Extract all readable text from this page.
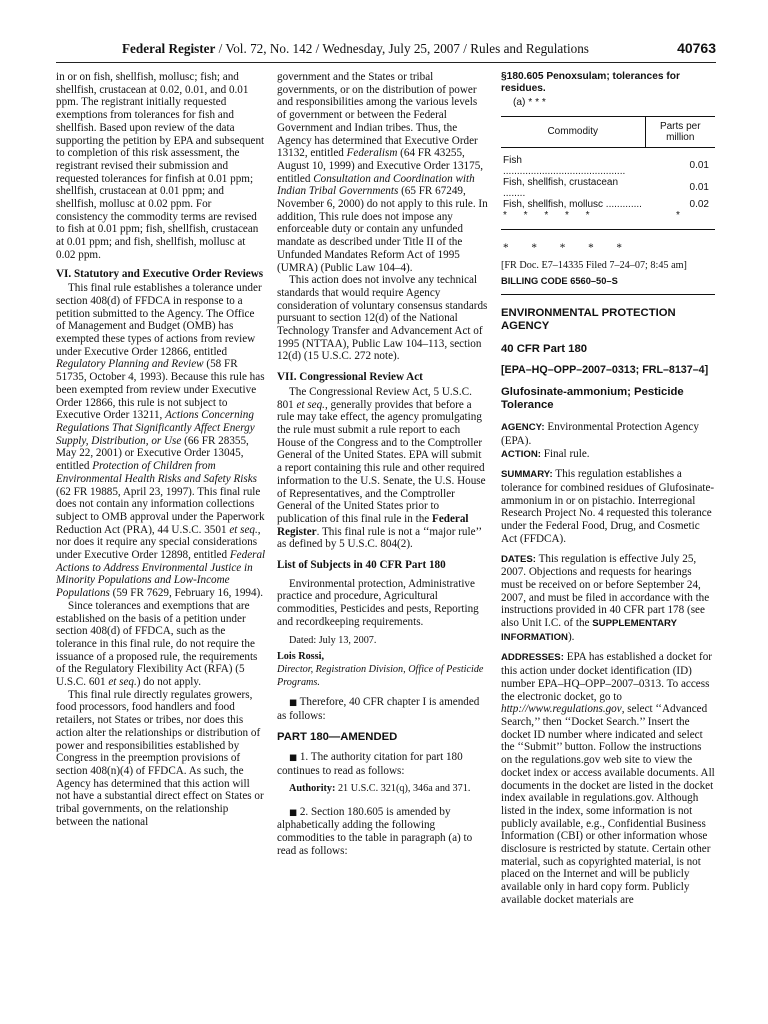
Federal Register / Vol. 72, No. 142 / Wednesday, July 25, 2007 / Rules and Regulations	40763

in or on fish, shellfish, mollusc; fish; and shellfish, crustacean at 0.02, 0.01, and 0.01 ppm. The registrant initially requested exemptions from tolerances for fish and shellfish. Based upon review of the data supporting the petition by EPA and subsequent to completion of this risk assessment, the registrant revised their submission and requested tolerances for finfish at 0.01 ppm; shellfish, crustacean at 0.01 ppm; and shellfish, mollusc at 0.02 ppm. For consistency the commodity terms are revised to fish at 0.01 ppm; fish, shellfish, crustacean at 0.01 ppm; and fish, shellfish, mollusc at 0.02 ppm.

VI. Statutory and Executive Order Reviews

This final rule establishes a tolerance under section 408(d) of FFDCA in response to a petition submitted to the Agency. The Office of Management and Budget (OMB) has exempted these types of actions from review under Executive Order 12866, entitled Regulatory Planning and Review (58 FR 51735, October 4, 1993). Because this rule has been exempted from review under Executive Order 12866, this rule is not subject to Executive Order 13211, Actions Concerning Regulations That Significantly Affect Energy Supply, Distribution, or Use (66 FR 28355, May 22, 2001) or Executive Order 13045, entitled Protection of Children from Environmental Health Risks and Safety Risks (62 FR 19885, April 23, 1997). This final rule does not contain any information collections subject to OMB approval under the Paperwork Reduction Act (PRA), 44 U.S.C. 3501 et seq., nor does it require any special considerations under Executive Order 12898, entitled Federal Actions to Address Environmental Justice in Minority Populations and Low-Income Populations (59 FR 7629, February 16, 1994).

Since tolerances and exemptions that are established on the basis of a petition under section 408(d) of FFDCA, such as the tolerance in this final rule, do not require the issuance of a proposed rule, the requirements of the Regulatory Flexibility Act (RFA) (5 U.S.C. 601 et seq.) do not apply.

This final rule directly regulates growers, food processors, food handlers and food retailers, not States or tribes, nor does this action alter the relationships or distribution of power and responsibilities established by Congress in the preemption provisions of section 408(n)(4) of FFDCA. As such, the Agency has determined that this action will not have a substantial direct effect on States or tribal governments, on the relationship between the national

government and the States or tribal governments, or on the distribution of power and responsibilities among the various levels of government or between the Federal Government and Indian tribes. Thus, the Agency has determined that Executive Order 13132, entitled Federalism (64 FR 43255, August 10, 1999) and Executive Order 13175, entitled Consultation and Coordination with Indian Tribal Governments (65 FR 67249, November 6, 2000) do not apply to this rule. In addition, This rule does not impose any enforceable duty or contain any unfunded mandate as described under Title II of the Unfunded Mandates Reform Act of 1995 (UMRA) (Public Law 104–4).

This action does not involve any technical standards that would require Agency consideration of voluntary consensus standards pursuant to section 12(d) of the National Technology Transfer and Advancement Act of 1995 (NTTAA), Public Law 104–113, section 12(d) (15 U.S.C. 272 note).

VII. Congressional Review Act

The Congressional Review Act, 5 U.S.C. 801 et seq., generally provides that before a rule may take effect, the agency promulgating the rule must submit a rule report to each House of the Congress and to the Comptroller General of the United States. EPA will submit a report containing this rule and other required information to the U.S. Senate, the U.S. House of Representatives, and the Comptroller General of the United States prior to publication of this final rule in the Federal Register. This final rule is not a ‘‘major rule’’ as defined by 5 U.S.C. 804(2).

List of Subjects in 40 CFR Part 180

Environmental protection, Administrative practice and procedure, Agricultural commodities, Pesticides and pests, Reporting and recordkeeping requirements.

Dated: July 13, 2007.

Lois Rossi,

Director, Registration Division, Office of Pesticide Programs.

■ Therefore, 40 CFR chapter I is amended as follows:

PART 180—AMENDED

■ 1. The authority citation for part 180 continues to read as follows:

Authority: 21 U.S.C. 321(q), 346a and 371.

■ 2. Section 180.605 is amended by alphabetically adding the following commodities to the table in paragraph (a) to read as follows:

§180.605 Penoxsulam; tolerances for residues.

(a) * * *

Commodity	Parts per million
Fish ............................................	0.01
Fish, shellfish, crustacean ........	0.01
Fish, shellfish, mollusc .............	0.02
* * * * *	*

* * * * *

[FR Doc. E7–14335 Filed 7–24–07; 8:45 am]

BILLING CODE 6560–50–S

ENVIRONMENTAL PROTECTION AGENCY

40 CFR Part 180

[EPA–HQ–OPP–2007–0313; FRL–8137–4]

Glufosinate-ammonium; Pesticide Tolerance

AGENCY: Environmental Protection Agency (EPA).

ACTION: Final rule.

SUMMARY: This regulation establishes a tolerance for combined residues of Glufosinate-ammonium in or on pistachio. Interregional Research Project No. 4 requested this tolerance under the Federal Food, Drug, and Cosmetic Act (FFDCA).

DATES: This regulation is effective July 25, 2007. Objections and requests for hearings must be received on or before September 24, 2007, and must be filed in accordance with the instructions provided in 40 CFR part 178 (see also Unit I.C. of the SUPPLEMENTARY INFORMATION).

ADDRESSES: EPA has established a docket for this action under docket identification (ID) number EPA–HQ–OPP–2007–0313. To access the electronic docket, go to http://www.regulations.gov, select ‘‘Advanced Search,’’ then ‘‘Docket Search.’’ Insert the docket ID number where indicated and select the ‘‘Submit’’ button. Follow the instructions on the regulations.gov web site to view the docket index or access available documents. All documents in the docket are listed in the docket index available in regulations.gov. Although listed in the index, some information is not publicly available, e.g., Confidential Business Information (CBI) or other information whose disclosure is restricted by statute. Certain other material, such as copyrighted material, is not placed on the Internet and will be publicly available only in hard copy form. Publicly available docket materials are
